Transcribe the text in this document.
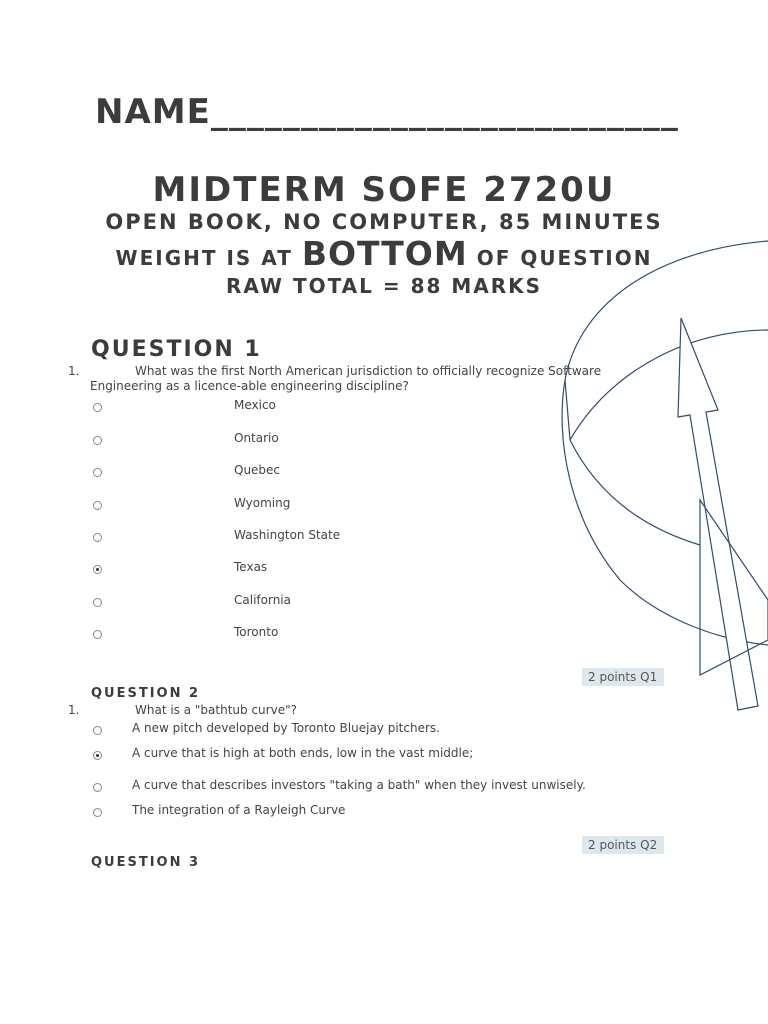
NAME__________________________
MIDTERM SOFE 2720U
OPEN BOOK, NO COMPUTER, 85 MINUTES
WEIGHT IS AT BOTTOM OF QUESTION
RAW TOTAL = 88 MARKS
QUESTION 1
1.	What was the first North American jurisdiction to officially recognize Software
Engineering as a licence-able engineering discipline?
Mexico
Ontario
Quebec
Wyoming
Washington State
Texas
California
Toronto
2 points Q1
QUESTION 2
1.	What is a "bathtub curve"?
A new pitch developed by Toronto Bluejay pitchers.
A curve that is high at both ends, low in the vast middle;
A curve that describes investors "taking a bath" when they invest unwisely.
The integration of a Rayleigh Curve
2 points Q2
QUESTION 3
